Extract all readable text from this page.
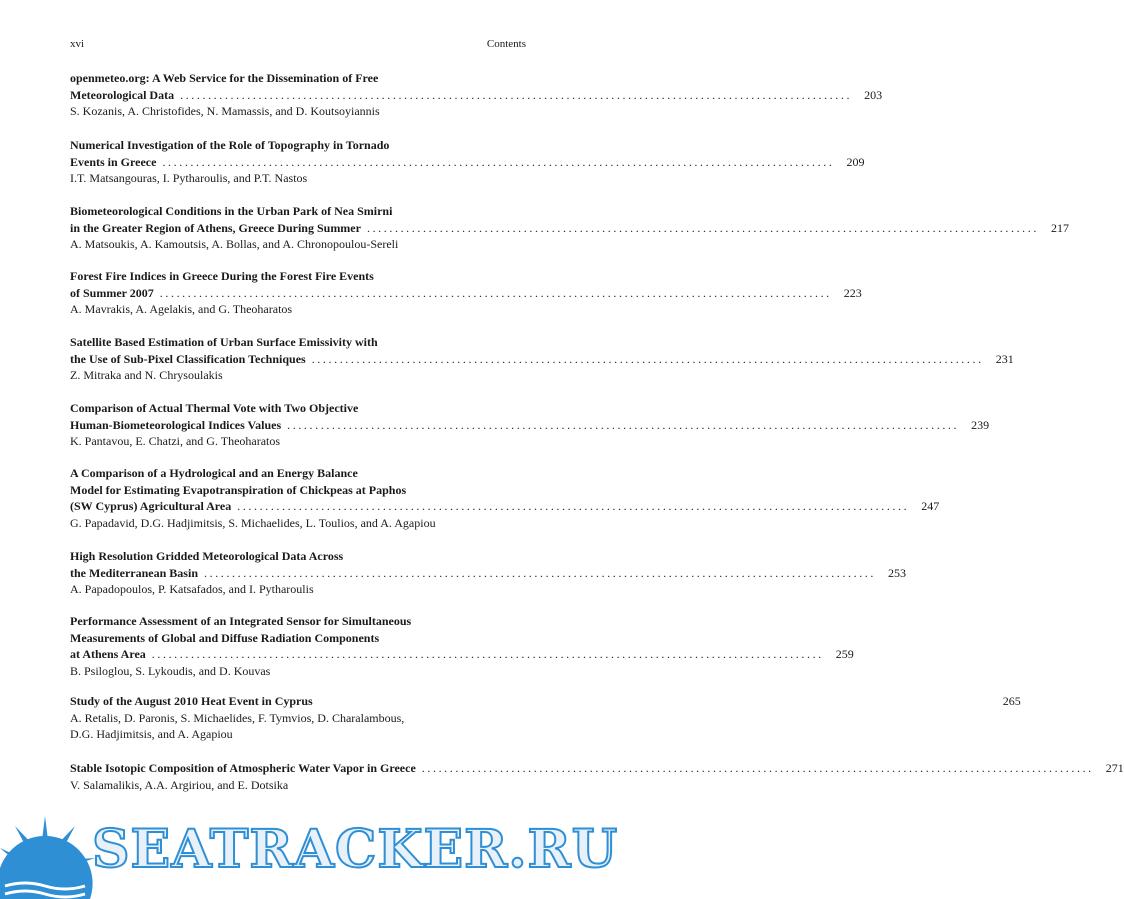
xvi	Contents
openmeteo.org: A Web Service for the Dissemination of Free
Meteorological Data ........................................................................................................................	203
S. Kozanis, A. Christofides, N. Mamassis, and D. Koutsoyiannis
Numerical Investigation of the Role of Topography in Tornado
Events in Greece ........................................................................................................................	209
I.T. Matsangouras, I. Pytharoulis, and P.T. Nastos
Biometeorological Conditions in the Urban Park of Nea Smirni
in the Greater Region of Athens, Greece During Summer ........................................................................................................................	217
A. Matsoukis, A. Kamoutsis, A. Bollas, and A. Chronopoulou-Sereli
Forest Fire Indices in Greece During the Forest Fire Events
of Summer 2007 ........................................................................................................................	223
A. Mavrakis, A. Agelakis, and G. Theoharatos
Satellite Based Estimation of Urban Surface Emissivity with
the Use of Sub-Pixel Classification Techniques ........................................................................................................................	231
Z. Mitraka and N. Chrysoulakis
Comparison of Actual Thermal Vote with Two Objective
Human-Biometeorological Indices Values ........................................................................................................................	239
K. Pantavou, E. Chatzi, and G. Theoharatos
A Comparison of a Hydrological and an Energy Balance
Model for Estimating Evapotranspiration of Chickpeas at Paphos
(SW Cyprus) Agricultural Area ........................................................................................................................	247
G. Papadavid, D.G. Hadjimitsis, S. Michaelides, L. Toulios, and A. Agapiou
High Resolution Gridded Meteorological Data Across
the Mediterranean Basin ........................................................................................................................	253
A. Papadopoulos, P. Katsafados, and I. Pytharoulis
Performance Assessment of an Integrated Sensor for Simultaneous
Measurements of Global and Diffuse Radiation Components
at Athens Area ........................................................................................................................	259
B. Psiloglou, S. Lykoudis, and D. Kouvas
Study of the August 2010 Heat Event in Cyprus	265
A. Retalis, D. Paronis, S. Michaelides, F. Tymvios, D. Charalambous,
D.G. Hadjimitsis, and A. Agapiou
Stable Isotopic Composition of Atmospheric Water Vapor in Greece ........................................................................................................................	271
V. Salamalikis, A.A. Argiriou, and E. Dotsika
SEATRACKER.RU
